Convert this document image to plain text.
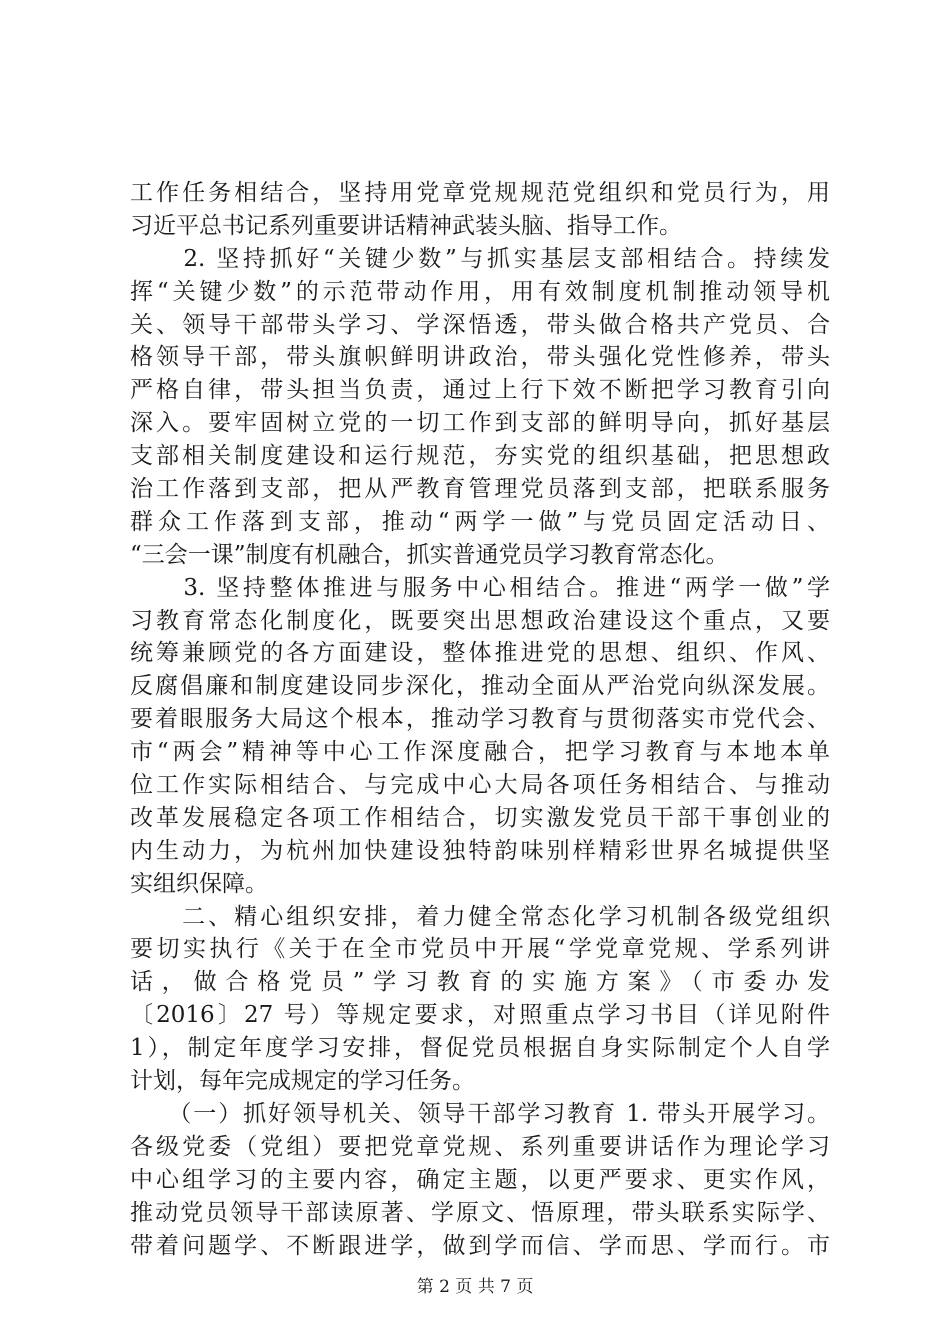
工作任务相结合，坚持用党章党规规范党组织和党员行为，用
习近平总书记系列重要讲话精神武装头脑、指导工作。
　　2. 坚持抓好“关键少数”与抓实基层支部相结合。持续发
挥“关键少数”的示范带动作用，用有效制度机制推动领导机
关、领导干部带头学习、学深悟透，带头做合格共产党员、合
格领导干部，带头旗帜鲜明讲政治，带头强化党性修养，带头
严格自律，带头担当负责，通过上行下效不断把学习教育引向
深入。要牢固树立党的一切工作到支部的鲜明导向，抓好基层
支部相关制度建设和运行规范，夯实党的组织基础，把思想政
治工作落到支部，把从严教育管理党员落到支部，把联系服务
群众工作落到支部，推动“两学一做”与党员固定活动日、
“三会一课”制度有机融合，抓实普通党员学习教育常态化。
　　3. 坚持整体推进与服务中心相结合。推进“两学一做”学
习教育常态化制度化，既要突出思想政治建设这个重点，又要
统筹兼顾党的各方面建设，整体推进党的思想、组织、作风、
反腐倡廉和制度建设同步深化，推动全面从严治党向纵深发展。
要着眼服务大局这个根本，推动学习教育与贯彻落实市党代会、
市“两会”精神等中心工作深度融合，把学习教育与本地本单
位工作实际相结合、与完成中心大局各项任务相结合、与推动
改革发展稳定各项工作相结合，切实激发党员干部干事创业的
内生动力，为杭州加快建设独特韵味别样精彩世界名城提供坚
实组织保障。
　　二、精心组织安排，着力健全常态化学习机制各级党组织
要切实执行《关于在全市党员中开展“学党章党规、学系列讲
话，做合格党员”学习教育的实施方案》（市委办发
〔2016〕27 号）等规定要求，对照重点学习书目（详见附件
1），制定年度学习安排，督促党员根据自身实际制定个人自学
计划，每年完成规定的学习任务。
　　（一）抓好领导机关、领导干部学习教育 1. 带头开展学习。
各级党委（党组）要把党章党规、系列重要讲话作为理论学习
中心组学习的主要内容，确定主题，以更严要求、更实作风，
推动党员领导干部读原著、学原文、悟原理，带头联系实际学、
带着问题学、不断跟进学，做到学而信、学而思、学而行。市
第 2 页 共 7 页
